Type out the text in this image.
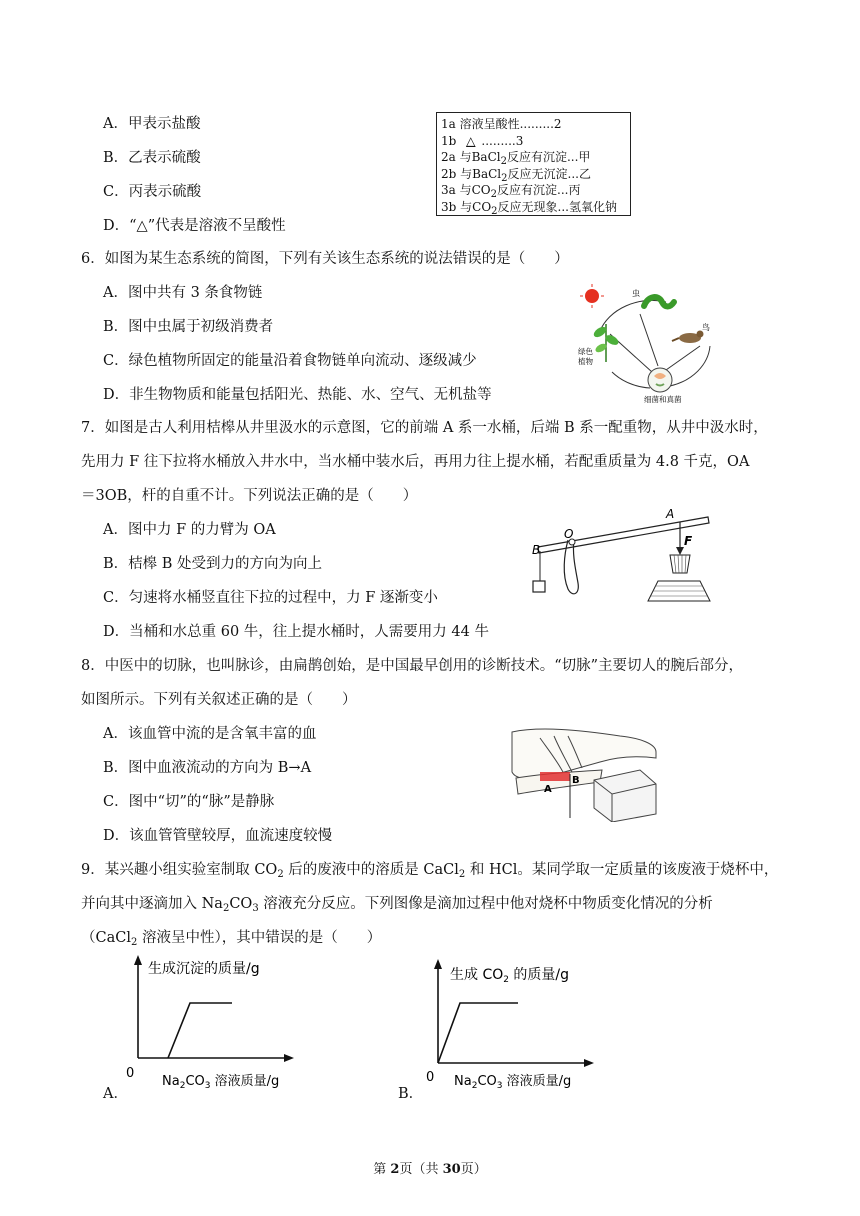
A．甲表示盐酸
B．乙表示硫酸
C．丙表示硫酸
D．“△”代表是溶液不呈酸性
1a 溶液呈酸性.........2
1b △ .........3
2a 与BaCl$_2$反应有沉淀...甲
2b 与BaCl$_2$反应无沉淀...乙
3a 与$CO_2$反应有沉淀...丙
3b 与$CO_2$反应无现象...氢氧化钠
6．如图为某生态系统的简图，下列有关该生态系统的说法错误的是（　　）
A．图中共有 3 条食物链
B．图中虫属于初级消费者
C．绿色植物所固定的能量沿着食物链单向流动、逐级减少
D．非生物物质和能量包括阳光、热能、水、空气、无机盐等
虫
鸟
绿色
植物
细菌和真菌
7．如图是古人利用桔槔从井里汲水的示意图，它的前端 A 系一水桶，后端 B 系一配重物，从井中汲水时，
先用力 F 往下拉将水桶放入井水中，当水桶中装水后，再用力往上提水桶，若配重质量为 4.8 千克，OA
＝3OB，杆的自重不计。下列说法正确的是（　　）
A．图中力 F 的力臂为 OA
B．桔槔 B 处受到力的方向为向上
C．匀速将水桶竖直往下拉的过程中，力 F 逐渐变小
D．当桶和水总重 60 牛，往上提水桶时，人需要用力 44 牛
B
O
A
F
8．中医中的切脉，也叫脉诊，由扁鹊创始，是中国最早创用的诊断技术。“切脉”主要切人的腕后部分，
如图所示。下列有关叙述正确的是（　　）
A．该血管中流的是含氧丰富的血
B．图中血液流动的方向为 B→A
C．图中“切”的“脉”是静脉
D．该血管管壁较厚，血流速度较慢
B
A
9．某兴趣小组实验室制取 $CO_2$ 后的废液中的溶质是 CaCl$_2$ 和 HCl。某同学取一定质量的该废液于烧杯中，
并向其中逐滴加入 $Na_2CO_3$ 溶液充分反应。下列图像是滴加过程中他对烧杯中物质变化情况的分析
（CaCl$_2$ 溶液呈中性），其中错误的是（　　）
A．
生成沉淀的质量/g
0
$Na_2CO_3$ 溶液质量/g
B．
生成 $CO_2$ 的质量/g
0 $Na_2CO_3$ 溶液质量/g
第 2页（共 30页）
